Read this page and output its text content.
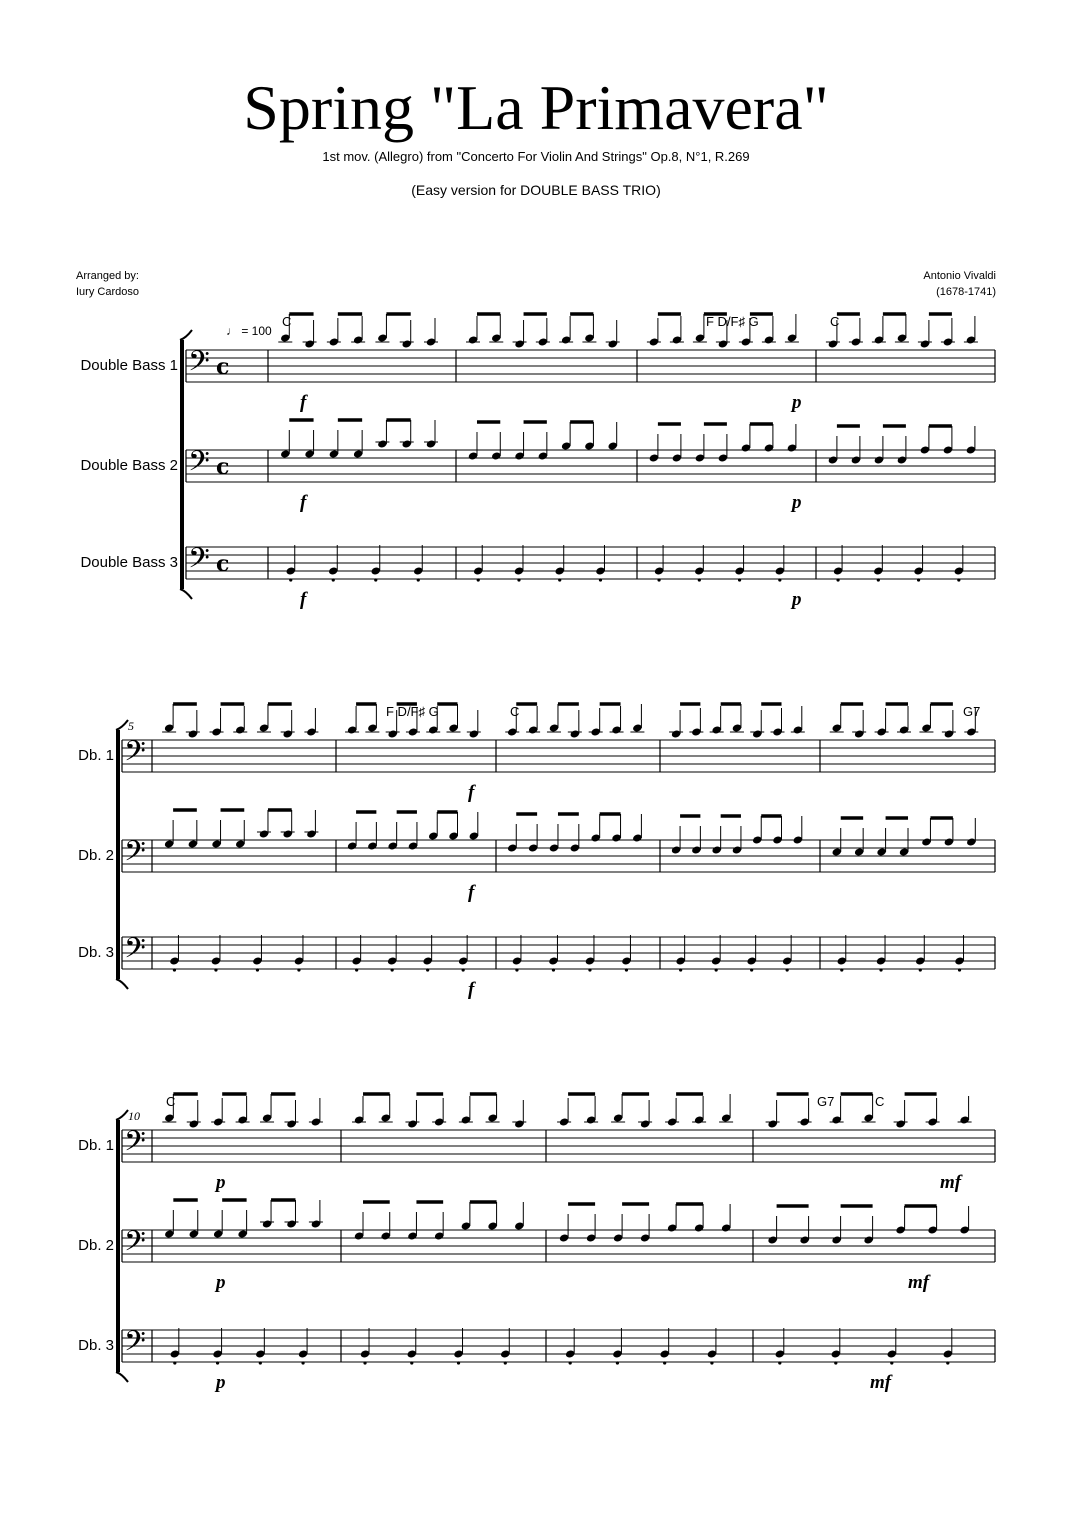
Spring "La Primavera"
1st mov. (Allegro) from "Concerto For Violin And Strings" Op.8, N°1, R.269
(Easy version for DOUBLE BASS TRIO)
Arranged by:
Iury Cardoso
Antonio Vivaldi
(1678-1741)
𝄢 c
Double Bass 1
𝄢 c
Double Bass 2
𝄢 c
Double Bass 3
♩ = 100
C	F D/F♯ G	C
f
f
f
p
p
p
𝄢
Db. 1
𝄢
Db. 2
𝄢
Db. 3
5
F D/F♯ G	C	G7
f
f
f
𝄢
Db. 1
𝄢
Db. 2
𝄢
Db. 3
10
C	G7	C
p
p
p
mf
mf
mf
